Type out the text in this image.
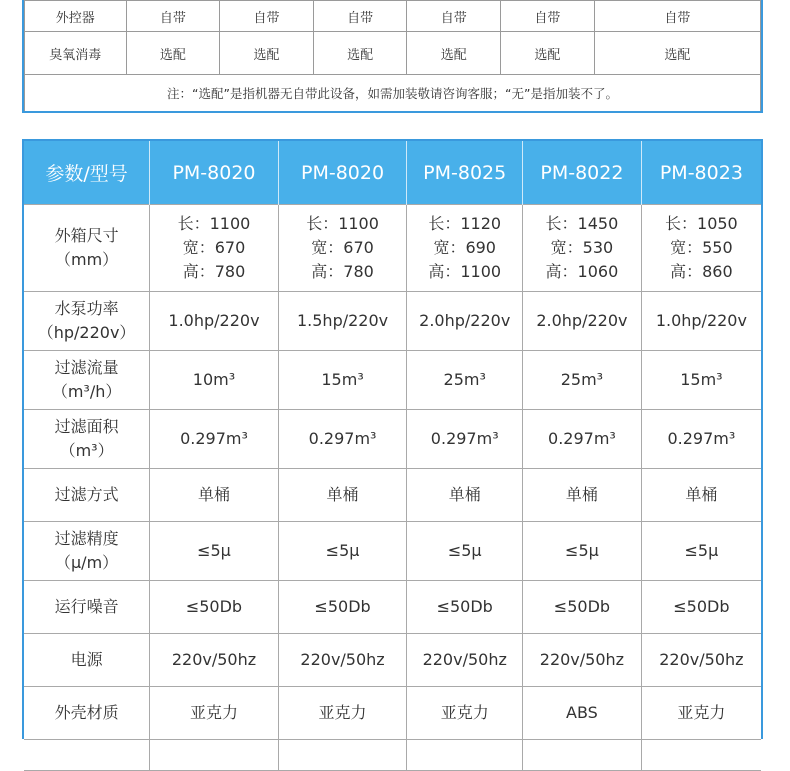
外控器	自带	自带	自带	自带	自带	自带
臭氧消毒	选配	选配	选配	选配	选配	选配
注：“选配”是指机器无自带此设备，如需加装敬请咨询客服；“无”是指加装不了。						
参数/型号	PM-8020	PM-8020	PM-8025	PM-8022	PM-8023

外箱尺寸
（mm）	长：1100
宽：670
高：780	长：1100
宽：670
高：780	长：1120
宽：690
高：1100	长：1450
宽：530
高：1060	长：1050
宽：550
高：860

水泵功率
（hp/220v）	1.0hp/220v	1.5hp/220v	2.0hp/220v	2.0hp/220v	1.0hp/220v

过滤流量
（m³/h）	10m³	15m³	25m³	25m³	15m³

过滤面积
（m³）	0.297m³	0.297m³	0.297m³	0.297m³	0.297m³

过滤方式	单桶	单桶	单桶	单桶	单桶

过滤精度
（μ/m）	≤5μ	≤5μ	≤5μ	≤5μ	≤5μ

运行噪音	≤50Db	≤50Db	≤50Db	≤50Db	≤50Db

电源	220v/50hz	220v/50hz	220v/50hz	220v/50hz	220v/50hz

外壳材质	亚克力	亚克力	亚克力	ABS	亚克力
